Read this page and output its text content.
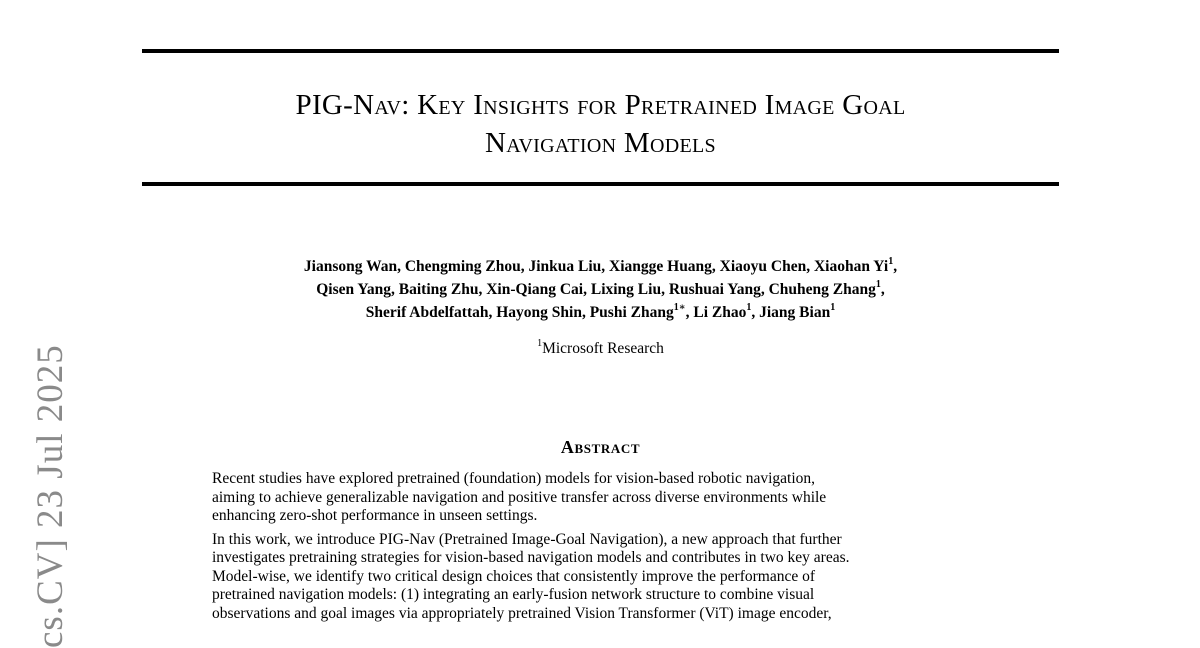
PIG-Nav: Key Insights for Pretrained Image Goal
Navigation Models
Jiansong Wan, Chengming Zhou, Jinkua Liu, Xiangge Huang, Xiaoyu Chen, Xiaohan Yi$^1$,
Qisen Yang, Baiting Zhu, Xin-Qiang Cai, Lixing Liu, Rushuai Yang, Chuheng Zhang$^1$,
Sherif Abdelfattah, Hayong Shin, Pushi Zhang$^{1∗}$, Li Zhao$^1$, Jiang Bian$^1$
$^1$Microsoft Research
Abstract

Recent studies have explored pretrained (foundation) models for vision-based robotic navigation,
aiming to achieve generalizable navigation and positive transfer across diverse environments while
enhancing zero-shot performance in unseen settings.

In this work, we introduce PIG-Nav (Pretrained Image-Goal Navigation), a new approach that further
investigates pretraining strategies for vision-based navigation models and contributes in two key areas.
Model-wise, we identify two critical design choices that consistently improve the performance of
pretrained navigation models: (1) integrating an early-fusion network structure to combine visual
observations and goal images via appropriately pretrained Vision Transformer (ViT) image encoder,

cs.CV] 23 Jul 2025
